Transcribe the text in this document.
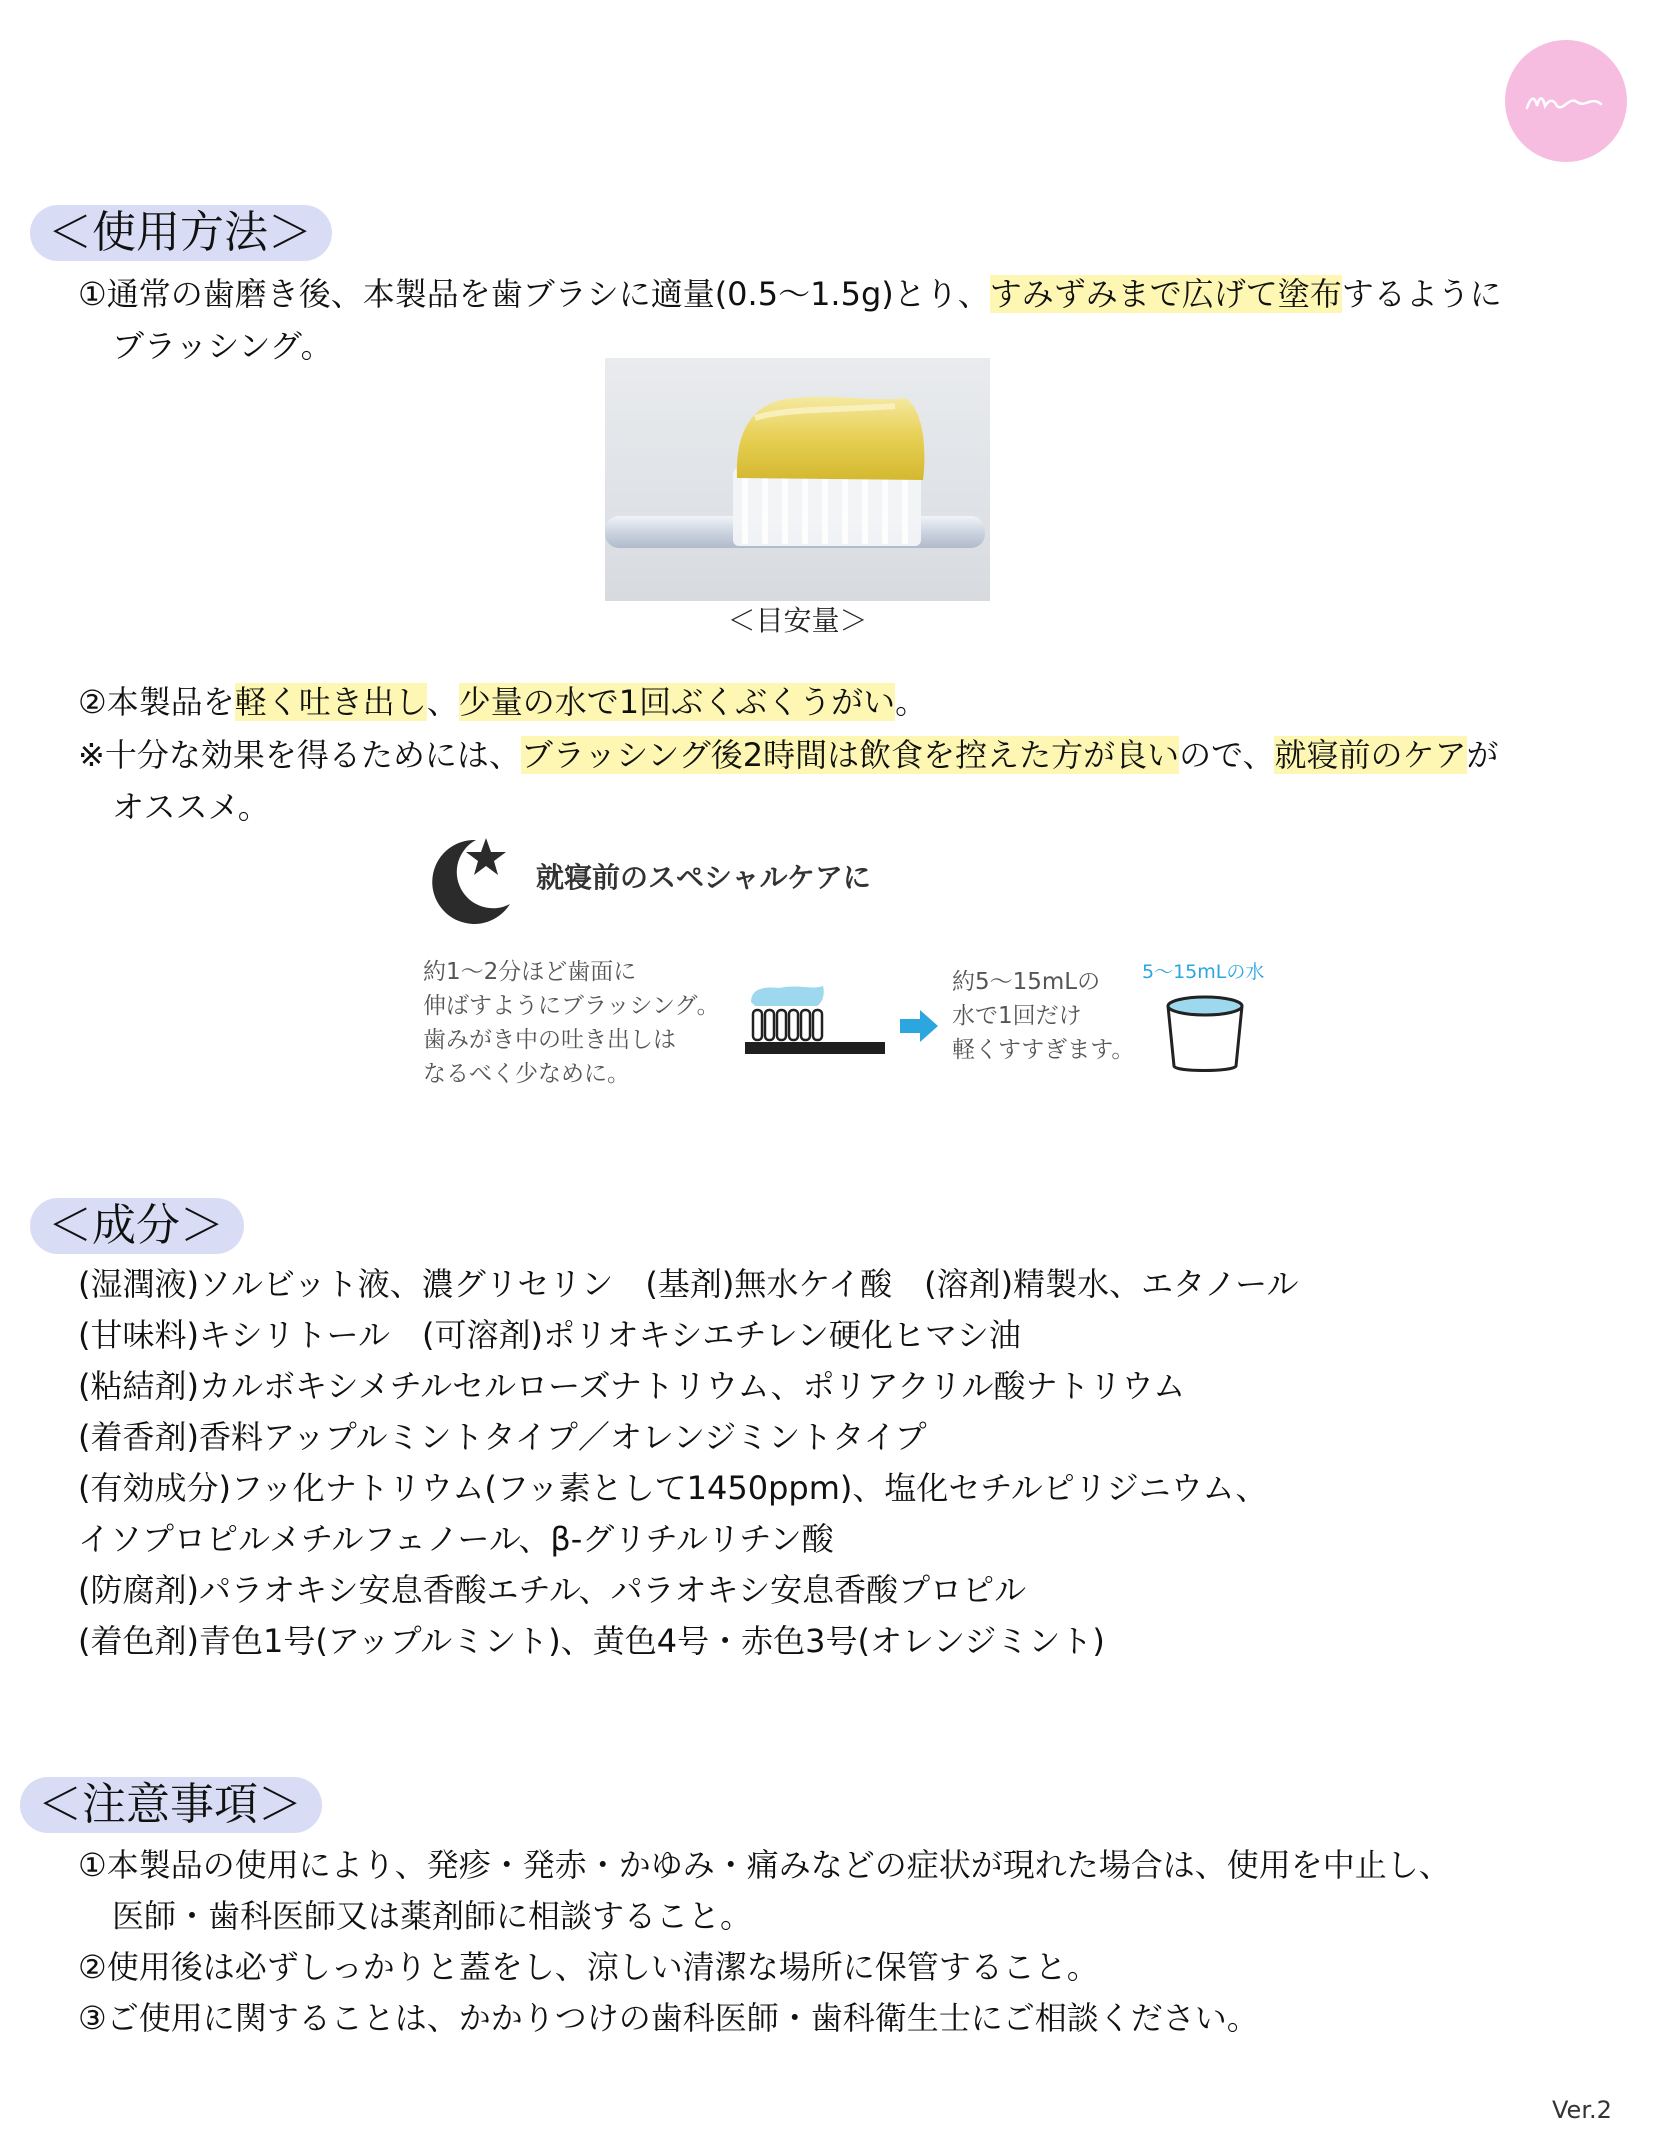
＜使用方法＞
①通常の歯磨き後、本製品を歯ブラシに適量(0.5〜1.5g)とり、すみずみまで広げて塗布するように
ブラッシング。
＜目安量＞
②本製品を軽く吐き出し、少量の水で1回ぶくぶくうがい。
※十分な効果を得るためには、ブラッシング後2時間は飲食を控えた方が良いので、就寝前のケアが
オススメ。
就寝前のスペシャルケアに
約1〜2分ほど歯面に
伸ばすようにブラッシング。
歯みがき中の吐き出しは
なるべく少なめに。
約5〜15mLの
水で1回だけ
軽くすすぎます。
5〜15mLの水
＜成分＞
(湿潤液)ソルビット液、濃グリセリン　(基剤)無水ケイ酸　(溶剤)精製水、エタノール
(甘味料)キシリトール　(可溶剤)ポリオキシエチレン硬化ヒマシ油
(粘結剤)カルボキシメチルセルローズナトリウム、ポリアクリル酸ナトリウム
(着香剤)香料アップルミントタイプ／オレンジミントタイプ
(有効成分)フッ化ナトリウム(フッ素として1450ppm)、塩化セチルピリジニウム、
イソプロピルメチルフェノール、β-グリチルリチン酸
(防腐剤)パラオキシ安息香酸エチル、パラオキシ安息香酸プロピル
(着色剤)青色1号(アップルミント)、黄色4号・赤色3号(オレンジミント)
＜注意事項＞
①本製品の使用により、発疹・発赤・かゆみ・痛みなどの症状が現れた場合は、使用を中止し、
医師・歯科医師又は薬剤師に相談すること。
②使用後は必ずしっかりと蓋をし、涼しい清潔な場所に保管すること。
③ご使用に関することは、かかりつけの歯科医師・歯科衛生士にご相談ください。
Ver.2
